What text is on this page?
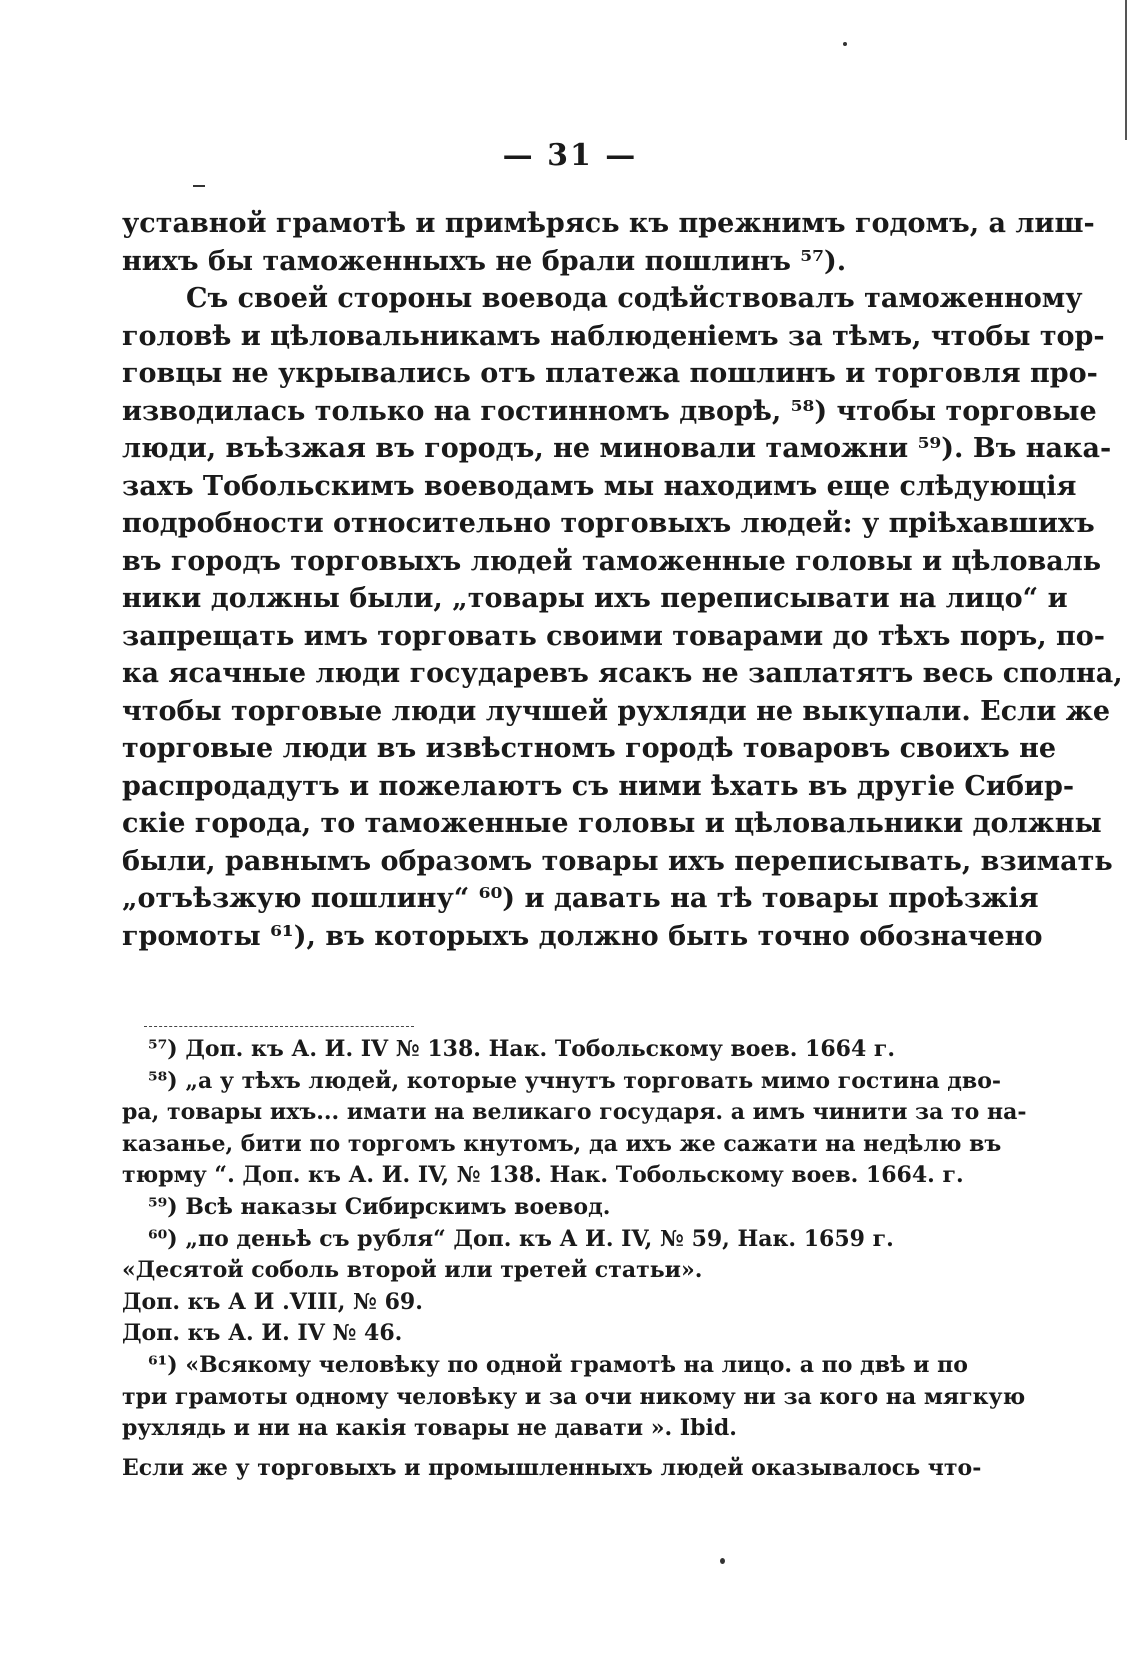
— 31 —
уставной грамотѣ и примѣрясь къ прежнимъ годомъ, а лиш-
нихъ бы таможенныхъ не брали пошлинъ ⁵⁷).
Съ своей стороны воевода содѣйствовалъ таможенному
головѣ и цѣловальникамъ наблюденіемъ за тѣмъ, чтобы тор-
говцы не укрывались отъ платежа пошлинъ и торговля про-
изводилась только на гостинномъ дворѣ, ⁵⁸) чтобы торговые
люди, въѣзжая въ городъ, не миновали таможни ⁵⁹). Въ нака-
захъ Тобольскимъ воеводамъ мы находимъ еще слѣдующія
подробности относительно торговыхъ людей: у пріѣхавшихъ
въ городъ торговыхъ людей таможенные головы и цѣловаль
ники должны были, „товары ихъ переписывати на лицо“ и
запрещать имъ торговать своими товарами до тѣхъ поръ, по-
ка ясачные люди государевъ ясакъ не заплатятъ весь сполна,
чтобы торговые люди лучшей рухляди не выкупали. Если же
торговые люди въ извѣстномъ городѣ товаровъ своихъ не
распродадутъ и пожелаютъ съ ними ѣхать въ другіе Сибир-
скіе города, то таможенные головы и цѣловальники должны
были, равнымъ образомъ товары ихъ переписывать, взимать
„отъѣзжую пошлину“ ⁶⁰) и давать на тѣ товары проѣзжія
громоты ⁶¹), въ которыхъ должно быть точно обозначено
⁵⁷) Доп. къ А. И. IV № 138. Нак. Тобольскому воев. 1664 г.
⁵⁸) „а у тѣхъ людей, которые учнутъ торговать мимо гостина дво-
ра, товары ихъ... имати на великаго государя. а имъ чинити за то на-
казанье, бити по торгомъ кнутомъ, да ихъ же сажати на недѣлю въ
тюрму “. Доп. къ А. И. IV, № 138. Нак. Тобольскому воев. 1664. г.
⁵⁹) Всѣ наказы Сибирскимъ воевод.
⁶⁰) „по деньѣ съ рубля“ Доп. къ А И. IV, № 59, Нак. 1659 г.
«Десятой соболь второй или третей статьи».
Доп. къ А И .VIII, № 69.
Доп. къ А. И. IV № 46.
⁶¹) «Всякому человѣку по одной грамотѣ на лицо. а по двѣ и по
три грамоты одному человѣку и за очи никому ни за кого на мягкую
рухлядь и ни на какія товары не давати ». Ibid.
Если же у торговыхъ и промышленныхъ людей оказывалось что-
